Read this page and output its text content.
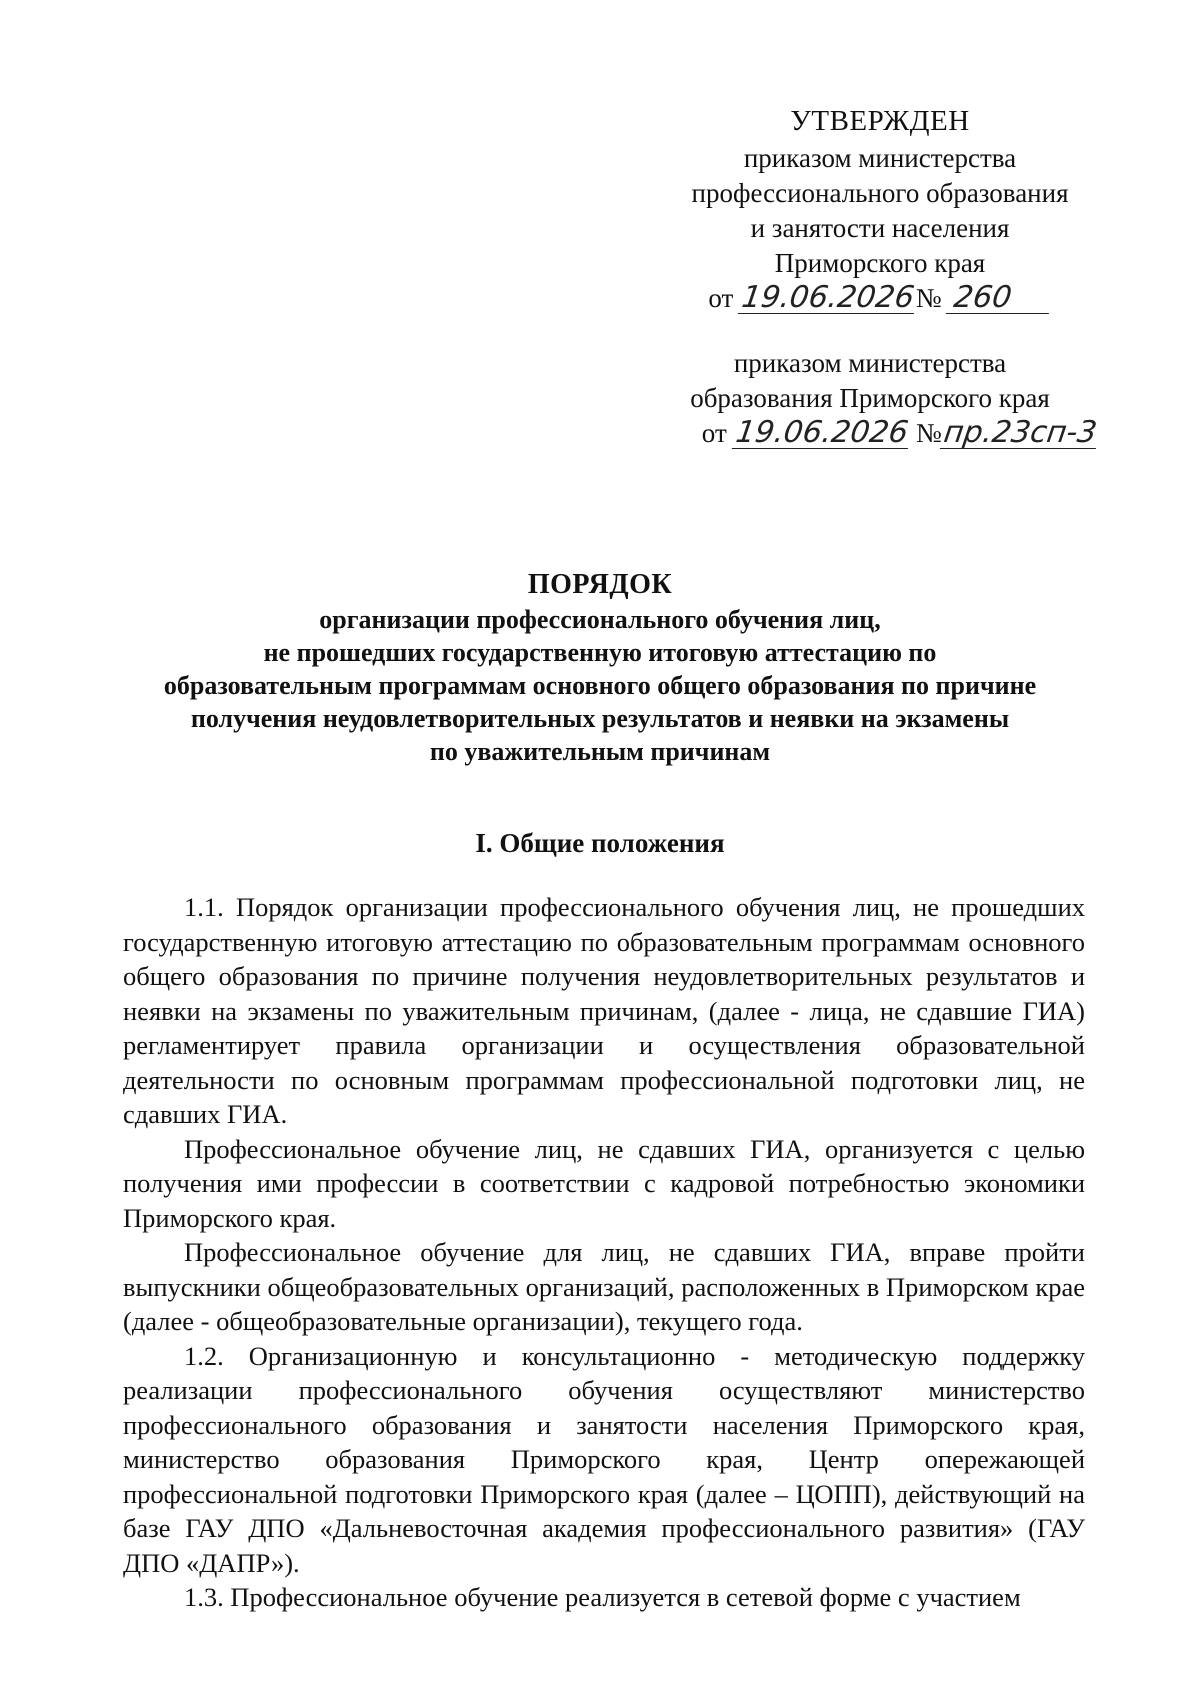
УТВЕРЖДЕН
приказом министерства
профессионального образования
и занятости населения
Приморского края
от 19.06.2026№ 260
приказом министерства
образования Приморского края
от 19.06.2026 №пр.23сп-3
ПОРЯДОК
организации профессионального обучения лиц,
не прошедших государственную итоговую аттестацию по
образовательным программам основного общего образования по причине
получения неудовлетворительных результатов и неявки на экзамены
по уважительным причинам
I. Общие положения

1.1. Порядок организации профессионального обучения лиц, не прошедших государственную итоговую аттестацию по образовательным программам основного общего образования по причине получения неудовлетворительных результатов и неявки на экзамены по уважительным причинам, (далее - лица, не сдавшие ГИА) регламентирует правила организации и осуществления образовательной деятельности по основным программам профессиональной подготовки лиц, не сдавших ГИА.

Профессиональное обучение лиц, не сдавших ГИА, организуется с целью получения ими профессии в соответствии с кадровой потребностью экономики Приморского края.

Профессиональное обучение для лиц, не сдавших ГИА, вправе пройти выпускники общеобразовательных организаций, расположенных в Приморском крае (далее - общеобразовательные организации), текущего года.

1.2. Организационную и консультационно - методическую поддержку реализации профессионального обучения осуществляют министерство профессионального образования и занятости населения Приморского края, министерство образования Приморского края, Центр опережающей профессиональной подготовки Приморского края (далее – ЦОПП), действующий на базе ГАУ ДПО «Дальневосточная академия профессионального развития» (ГАУ ДПО «ДАПР»).

1.3. Профессиональное обучение реализуется в сетевой форме с участием
